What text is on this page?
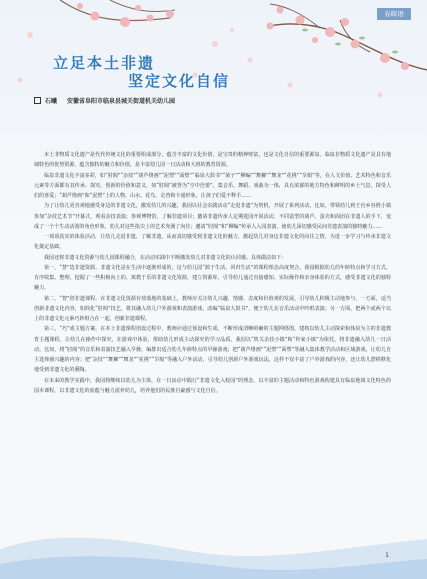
春晖语
立足本土非遗
坚定文化自信
石曦 安徽省阜阳市临泉县城关街道机关幼儿园

本土非物质文化遗产是代代传统文化的重要组成部分，蕴含丰富的文化价值，是宝贵的精神财富，也是文化自信的重要源泉。临泉非物质文化遗产是具有地域特色的优势资源，蕴含独特的魅力和价值，是丰富幼儿园一日活动和大班的教育资源。

临泉非遗文化丰富多彩，如“肘阁”“杂技”“葫芦烙画”“泥塑”“面塑”“临泉大鼓书”“染子”“柳编”“舞狮”“舞龙”“花挑”“旱船”等，在人文价值、艺术特色和音乐元素等方面都有其传承、探究、创新的价值和意义，如“肘阁”被誉为“空中芭蕾”，集音乐、舞蹈、戏曲为一体，具有浓郁的地方特色和鲜明的乡土气息，探受人们的喜爱；“葫芦烙画”和“泥塑”上的人物、山水、花鸟、走兽和卡通形象，让孩子们爱不释手……

为了让幼儿更直观地感受身边的非遗文化，激发幼儿的兴趣，我园以社会实践活动“走进非遗”为契机，开展了系列活动。比如，带领幼儿到王官乡谷胜小镇参加“杂技艺术节”开幕式，观看杂技表演；参观博物馆，了解非遗项目；邀请非遗传承人定期进园开展活动，不同造型的葫芦、蛋壳和面团在非遗人的手下，变成了一个个生动活泼的角色形象，幼儿对这些指尖上的艺术充满了向往；邀请“肘阁”和“柳编”传承人入园表演，使幼儿深切感受民间非遗表演的独特魅力……

一项项真实的体验活动，让幼儿走进非遗、了解非遗，从而真切感受到非遗文化的魅力，激起幼儿对身边非遗文化的向往之情，为进一步学习与传承非遗文化奠定基础。

我园还将非遗文化资源与幼儿园课程融合，在活动实践中不断激发幼儿对非遗文化的认同感。具体做法如下：

第一，“慧”选非遗资源。非遗文化是在生活中逐渐形成的，这与幼儿园“源于生活，回归生活”的课程理念高度契合。我园根据幼儿的年龄特点和学习方式，有序收集、整理、挖掘了一些积极向上的、寓教于乐的非遗文化资源，建立资源库，引导幼儿通过直接感知、实际操作和亲身体验的方式，感受非遗文化的独特魅力。

第二，“智”创非遗课程。在非遗文化资源有效落地的基础上，教师应关注幼儿兴趣、情感、态度和价值观的发展，引导幼儿积极主动地参与、一方面，适当创新非遗文化内容，如简化“肘阁”技艺，将其融入幼儿户外游戏和表演游戏，改编“临泉大鼓书”，便于幼儿在音乐活动中吟唱表演；另一方面，把两个或两个以上的非遗文化元素巧妙组合在一起，创新非遗课程。

第三，“巧”成主题方案。在本土非遗课程创设过程中，教师应通过预设和生成，不断形成清晰明确的主题网络图，建构以幼儿主动探索和体验为主的非遗教育主题课程，让幼儿在操作中探究，在游戏中体验，帮助幼儿形成主动探究的学习品质。我园以“机关杂技小镇”和“传家小镇”为依托，将非遗融入幼儿一日活动。比如，将“肘阁”的音乐和表演技艺融入早操，编排出适合幼儿年龄特点的早操游戏；把“葫芦烙画”“泥塑”“面塑”等融入集体教学活动和区域游戏，让幼儿自主选择感兴趣的内容；把“杂技”“舞狮”“舞龙”“花挑”“旱船”等融入户外活动，引导幼儿创新户外游戏玩法，这样不仅丰富了户外游戏的内容，还让幼儿潜移默化地受到非遗文化的熏陶。

在未来的教学实践中，我园将继续以幼儿为主体，在一日活动中践行“非遗文化入校园”的理念，以丰富的主题活动和特色游戏构建具有临泉地域文化特色的园本课程，以非遗文化的底蕴与魅力滋养幼儿，培养他们的民族自豪感与文化自信。

1
